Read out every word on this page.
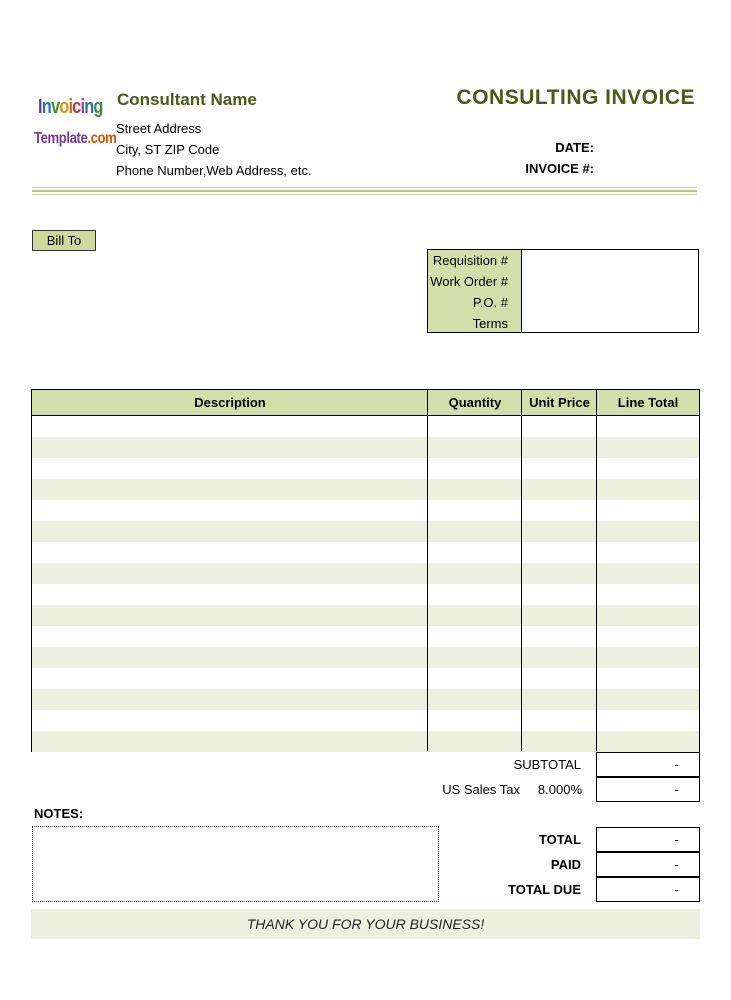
Invoicing
Template.com
Consultant Name
Street Address
City, ST ZIP Code
Phone Number,Web Address, etc.
CONSULTING INVOICE
DATE:
INVOICE #:
Bill To
Requisition #
Work Order #
P.O. #
Terms
Description	Quantity	Unit Price	Line Total
SUBTOTAL	-
US Sales Tax	8.000%	-
NOTES:
TOTAL	-
PAID	-
TOTAL DUE	-
THANK YOU FOR YOUR BUSINESS!
